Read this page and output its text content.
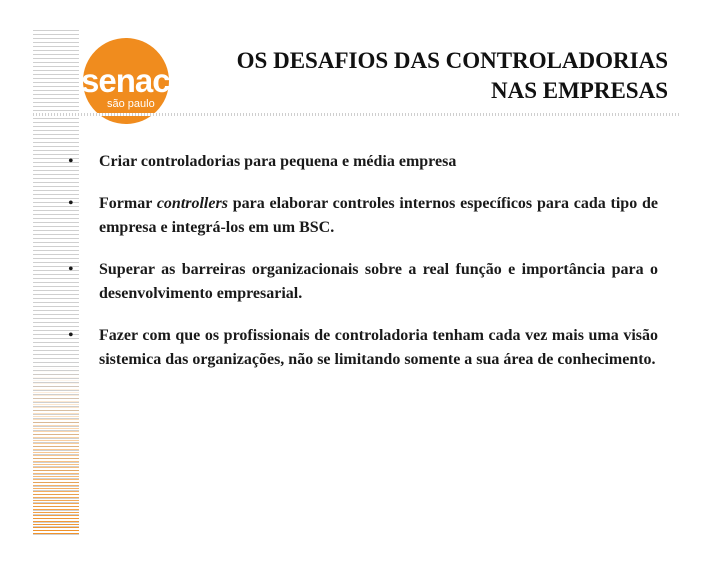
senac
são paulo
OS DESAFIOS DAS CONTROLADORIAS
NAS EMPRESAS
• Criar controladorias para pequena e média empresa
• Formar controllers para elaborar controles internos específicos para cada tipo de empresa e integrá-los em um BSC.
• Superar as barreiras organizacionais sobre a real função e importância para o desenvolvimento empresarial.
• Fazer com que os profissionais de controladoria tenham cada vez mais uma visão sistemica das organizações, não se limitando somente a sua área de conhecimento.
